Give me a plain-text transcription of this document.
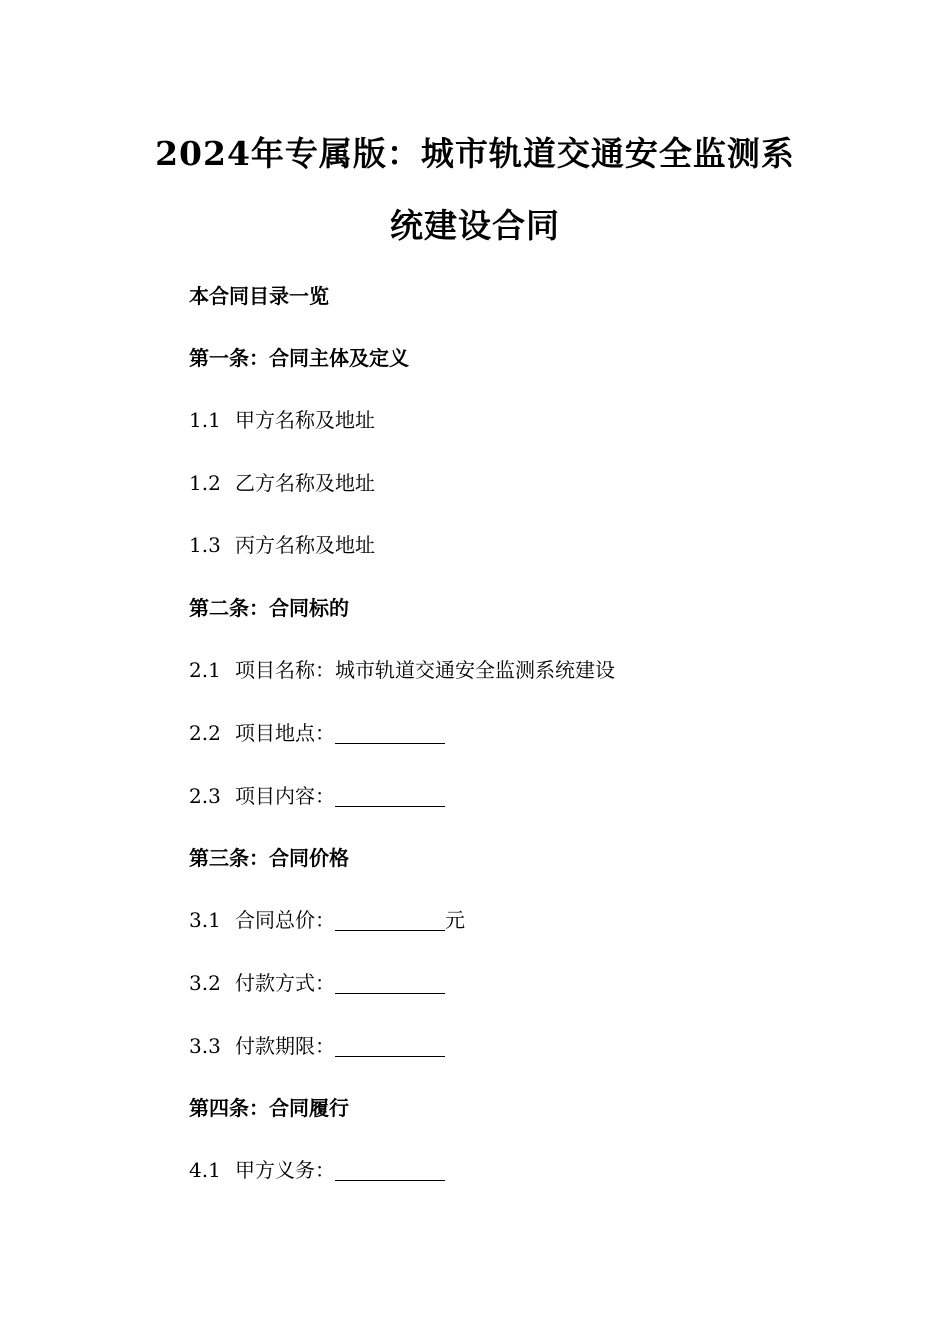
2024年专属版：城市轨道交通安全监测系
统建设合同

本合同目录一览

第一条：合同主体及定义

1.1 甲方名称及地址

1.2 乙方名称及地址

1.3 丙方名称及地址

第二条：合同标的

2.1 项目名称：城市轨道交通安全监测系统建设

2.2 项目地点：

2.3 项目内容：

第三条：合同价格

3.1 合同总价：	元

3.2 付款方式：

3.3 付款期限：

第四条：合同履行

4.1 甲方义务：
